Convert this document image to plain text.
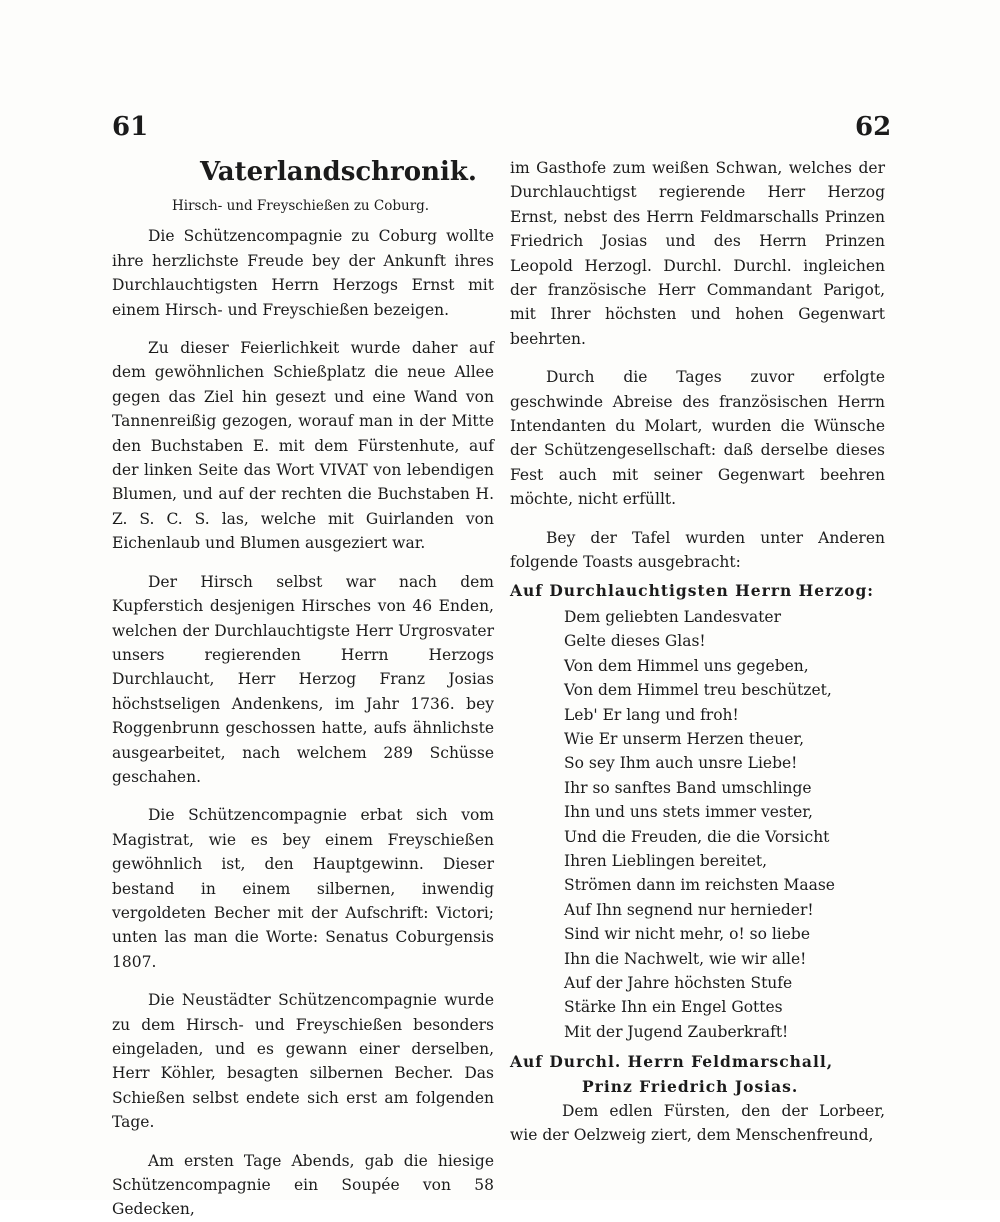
61	62
Vaterlandschronik.
Hirsch- und Freyschießen zu Coburg.

Die Schützencompagnie zu Coburg wollte ihre herzlichste Freude bey der Ankunft ihres Durchlauchtigsten Herrn Herzogs Ernst mit einem Hirsch- und Freyschießen bezeigen.

Zu dieser Feierlichkeit wurde daher auf dem gewöhnlichen Schießplatz die neue Allee gegen das Ziel hin gesezt und eine Wand von Tannenreißig gezogen, worauf man in der Mitte den Buchstaben E. mit dem Fürstenhute, auf der linken Seite das Wort VIVAT von lebendigen Blumen, und auf der rechten die Buchstaben H. Z. S. C. S. las, welche mit Guirlanden von Eichenlaub und Blumen ausgeziert war.

Der Hirsch selbst war nach dem Kupferstich desjenigen Hirsches von 46 Enden, welchen der Durchlauchtigste Herr Urgrosvater unsers regierenden Herrn Herzogs Durchlaucht, Herr Herzog Franz Josias höchstseligen Andenkens, im Jahr 1736. bey Roggenbrunn geschossen hatte, aufs ähnlichste ausgearbeitet, nach welchem 289 Schüsse geschahen.

Die Schützencompagnie erbat sich vom Magistrat, wie es bey einem Freyschießen gewöhnlich ist, den Hauptgewinn. Dieser bestand in einem silbernen, inwendig vergoldeten Becher mit der Aufschrift: Victori; unten las man die Worte: Senatus Coburgensis 1807.

Die Neustädter Schützencompagnie wurde zu dem Hirsch- und Freyschießen besonders eingeladen, und es gewann einer derselben, Herr Köhler, besagten silbernen Becher. Das Schießen selbst endete sich erst am folgenden Tage.

Am ersten Tage Abends, gab die hiesige Schützencompagnie ein Soupée von 58 Gedecken,

im Gasthofe zum weißen Schwan, welches der Durchlauchtigst regierende Herr Herzog Ernst, nebst des Herrn Feldmarschalls Prinzen Friedrich Josias und des Herrn Prinzen Leopold Herzogl. Durchl. Durchl. ingleichen der französische Herr Commandant Parigot, mit Ihrer höchsten und hohen Gegenwart beehrten.

Durch die Tages zuvor erfolgte geschwinde Abreise des französischen Herrn Intendanten du Molart, wurden die Wünsche der Schützengesellschaft: daß derselbe dieses Fest auch mit seiner Gegenwart beehren möchte, nicht erfüllt.

Bey der Tafel wurden unter Anderen folgende Toasts ausgebracht:

Auf Durchlauchtigsten Herrn Herzog:
Dem geliebten Landesvater
Gelte dieses Glas!
Von dem Himmel uns gegeben,
Von dem Himmel treu beschützet,
Leb' Er lang und froh!
Wie Er unserm Herzen theuer,
So sey Ihm auch unsre Liebe!
Ihr so sanftes Band umschlinge
Ihn und uns stets immer vester,
Und die Freuden, die die Vorsicht
Ihren Lieblingen bereitet,
Strömen dann im reichsten Maase
Auf Ihn segnend nur hernieder!
Sind wir nicht mehr, o! so liebe
Ihn die Nachwelt, wie wir alle!
Auf der Jahre höchsten Stufe
Stärke Ihn ein Engel Gottes
Mit der Jugend Zauberkraft!
Auf Durchl. Herrn Feldmarschall,
Prinz Friedrich Josias.

Dem edlen Fürsten, den der Lorbeer, wie der Oelzweig ziert, dem Menschenfreund,
